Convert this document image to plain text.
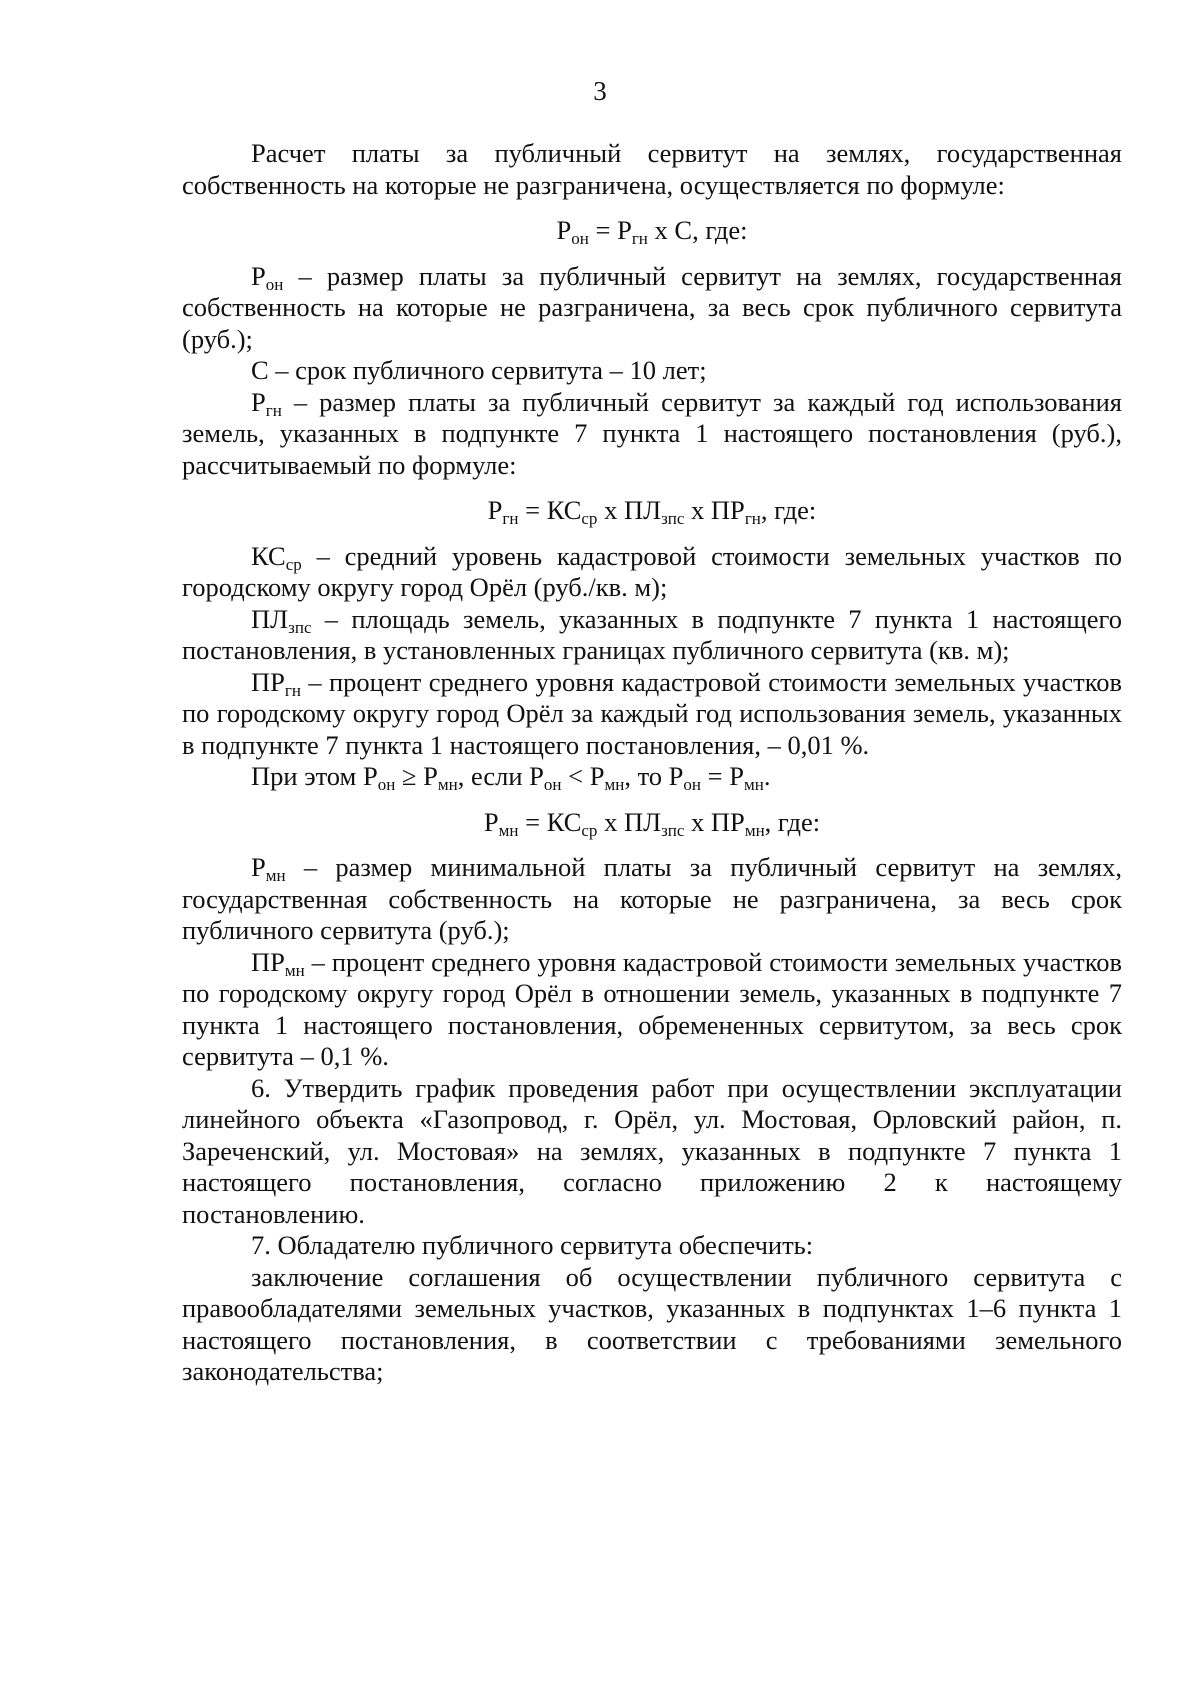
3

Расчет платы за публичный сервитут на землях, государственная собственность на которые не разграничена, осуществляется по формуле:

$Р_{он} = Р_{гн}$ х С, где:

$Р_{он}$ – размер платы за публичный сервитут на землях, государственная собственность на которые не разграничена, за весь срок публичного сервитута (руб.);

С – срок публичного сервитута – 10 лет;

$Р_{гн}$ – размер платы за публичный сервитут за каждый год использования земель, указанных в подпункте 7 пункта 1 настоящего постановления (руб.), рассчитываемый по формуле:

$Р_{гн} = КС_{ср}$ х $ПЛ_{зпс}$ х $ПР_{гн}$, где:

$КС_{ср}$ – средний уровень кадастровой стоимости земельных участков по городскому округу город Орёл (руб./кв. м);

$ПЛ_{зпс}$ – площадь земель, указанных в подпункте 7 пункта 1 настоящего постановления, в установленных границах публичного сервитута (кв. м);

$ПР_{гн}$ – процент среднего уровня кадастровой стоимости земельных участков по городскому округу город Орёл за каждый год использования земель, указанных в подпункте 7 пункта 1 настоящего постановления, – 0,01 %.

При этом $Р_{он} \ge Р_{мн}$, если $Р_{он} < Р_{мн}$, то $Р_{он} = Р_{мн}$.

$Р_{мн} = КС_{ср}$ х $ПЛ_{зпс}$ х $ПР_{мн}$, где:

$Р_{мн}$ – размер минимальной платы за публичный сервитут на землях, государственная собственность на которые не разграничена, за весь срок публичного сервитута (руб.);

$ПР_{мн}$ – процент среднего уровня кадастровой стоимости земельных участков по городскому округу город Орёл в отношении земель, указанных в подпункте 7 пункта 1 настоящего постановления, обремененных сервитутом, за весь срок сервитута – 0,1 %.

6. Утвердить график проведения работ при осуществлении эксплуатации линейного объекта «Газопровод, г. Орёл, ул. Мостовая, Орловский район, п. Зареченский, ул. Мостовая» на землях, указанных в подпункте 7 пункта 1 настоящего постановления, согласно приложению 2 к настоящему постановлению.

7. Обладателю публичного сервитута обеспечить:

заключение соглашения об осуществлении публичного сервитута с правообладателями земельных участков, указанных в подпунктах 1–6 пункта 1 настоящего постановления, в соответствии с требованиями земельного законодательства;
